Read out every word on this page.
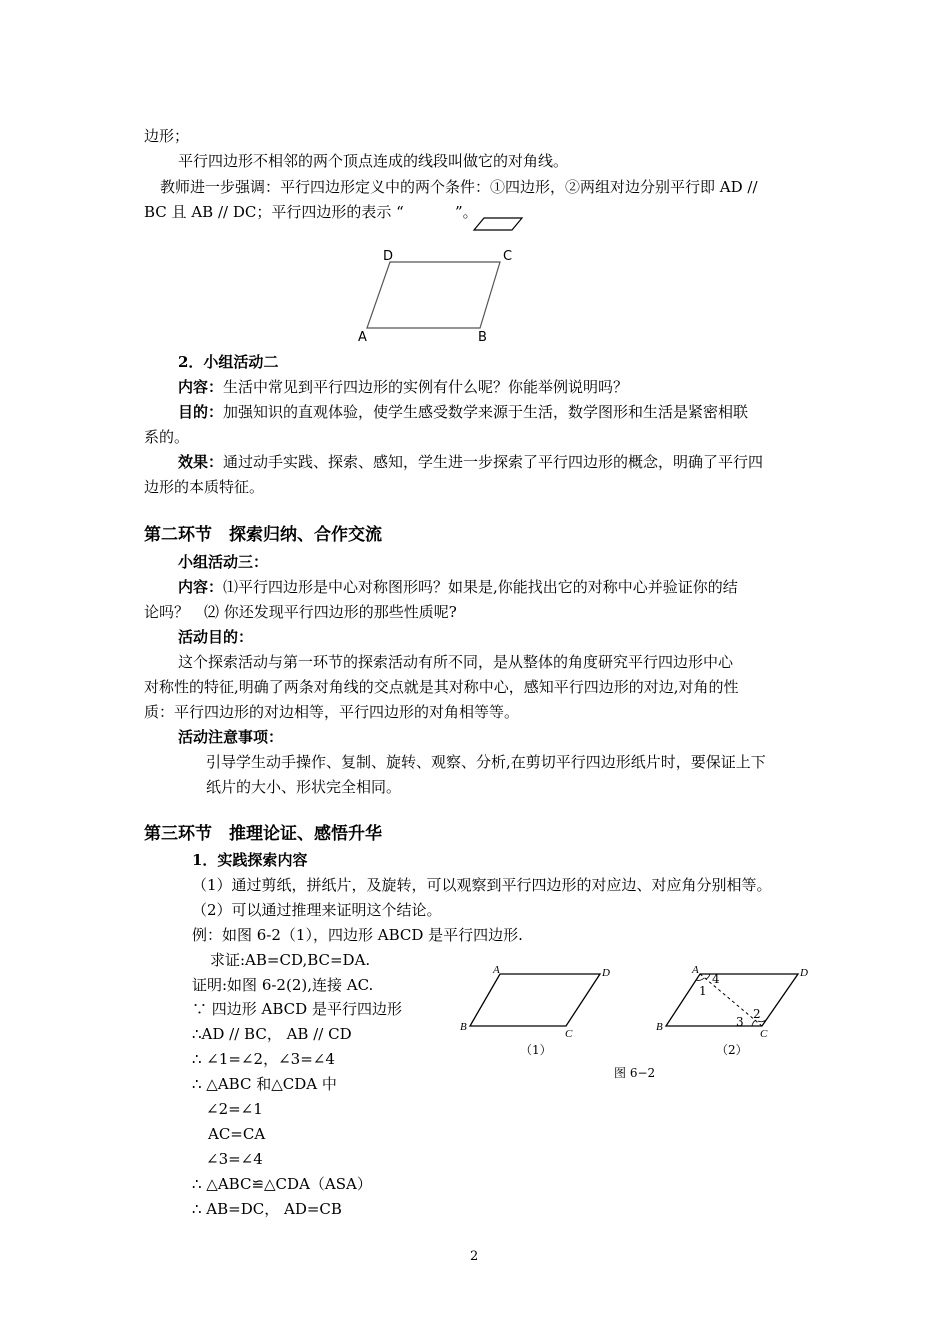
边形；
平行四边形不相邻的两个顶点连成的线段叫做它的对角线。
教师进一步强调：平行四边形定义中的两个条件：①四边形，②两组对边分别平行即 AD //
BC 且 AB // DC；平行四边形的表示 “	”。
D	C
A	B
2．小组活动二
内容：生活中常见到平行四边形的实例有什么呢？你能举例说明吗？
目的：加强知识的直观体验，使学生感受数学来源于生活，数学图形和生活是紧密相联
系的。
效果：通过动手实践、探索、感知，学生进一步探索了平行四边形的概念，明确了平行四
边形的本质特征。
第二环节　探索归纳、合作交流
小组活动三：
内容：⑴平行四边形是中心对称图形吗？如果是,你能找出它的对称中心并验证你的结
论吗？　⑵ 你还发现平行四边形的那些性质呢?
活动目的：
这个探索活动与第一环节的探索活动有所不同，是从整体的角度研究平行四边形中心
对称性的特征,明确了两条对角线的交点就是其对称中心，感知平行四边形的对边,对角的性
质：平行四边形的对边相等，平行四边形的对角相等等。
活动注意事项：
引导学生动手操作、复制、旋转、观察、分析,在剪切平行四边形纸片时，要保证上下
纸片的大小、形状完全相同。
第三环节　推理论证、感悟升华
1．实践探索内容
（1）通过剪纸，拼纸片，及旋转，可以观察到平行四边形的对应边、对应角分别相等。
（2）可以通过推理来证明这个结论。
例：如图 6-2（1），四边形 ABCD 是平行四边形.
求证:AB=CD,BC=DA.
证明:如图 6-2(2),连接 AC.
∵ 四边形 ABCD 是平行四边形
∴AD // BC， AB // CD
∴ ∠1=∠2，∠3=∠4
∴ △ABC 和△CDA 中
∠2=∠1
AC=CA
∠3=∠4
∴ △ABC≌△CDA（ASA）
∴ AB=DC， AD=CB
A	D
B
C
（1）
A	D
B
C
4
1
2
3
（2）
图 6−2
2
